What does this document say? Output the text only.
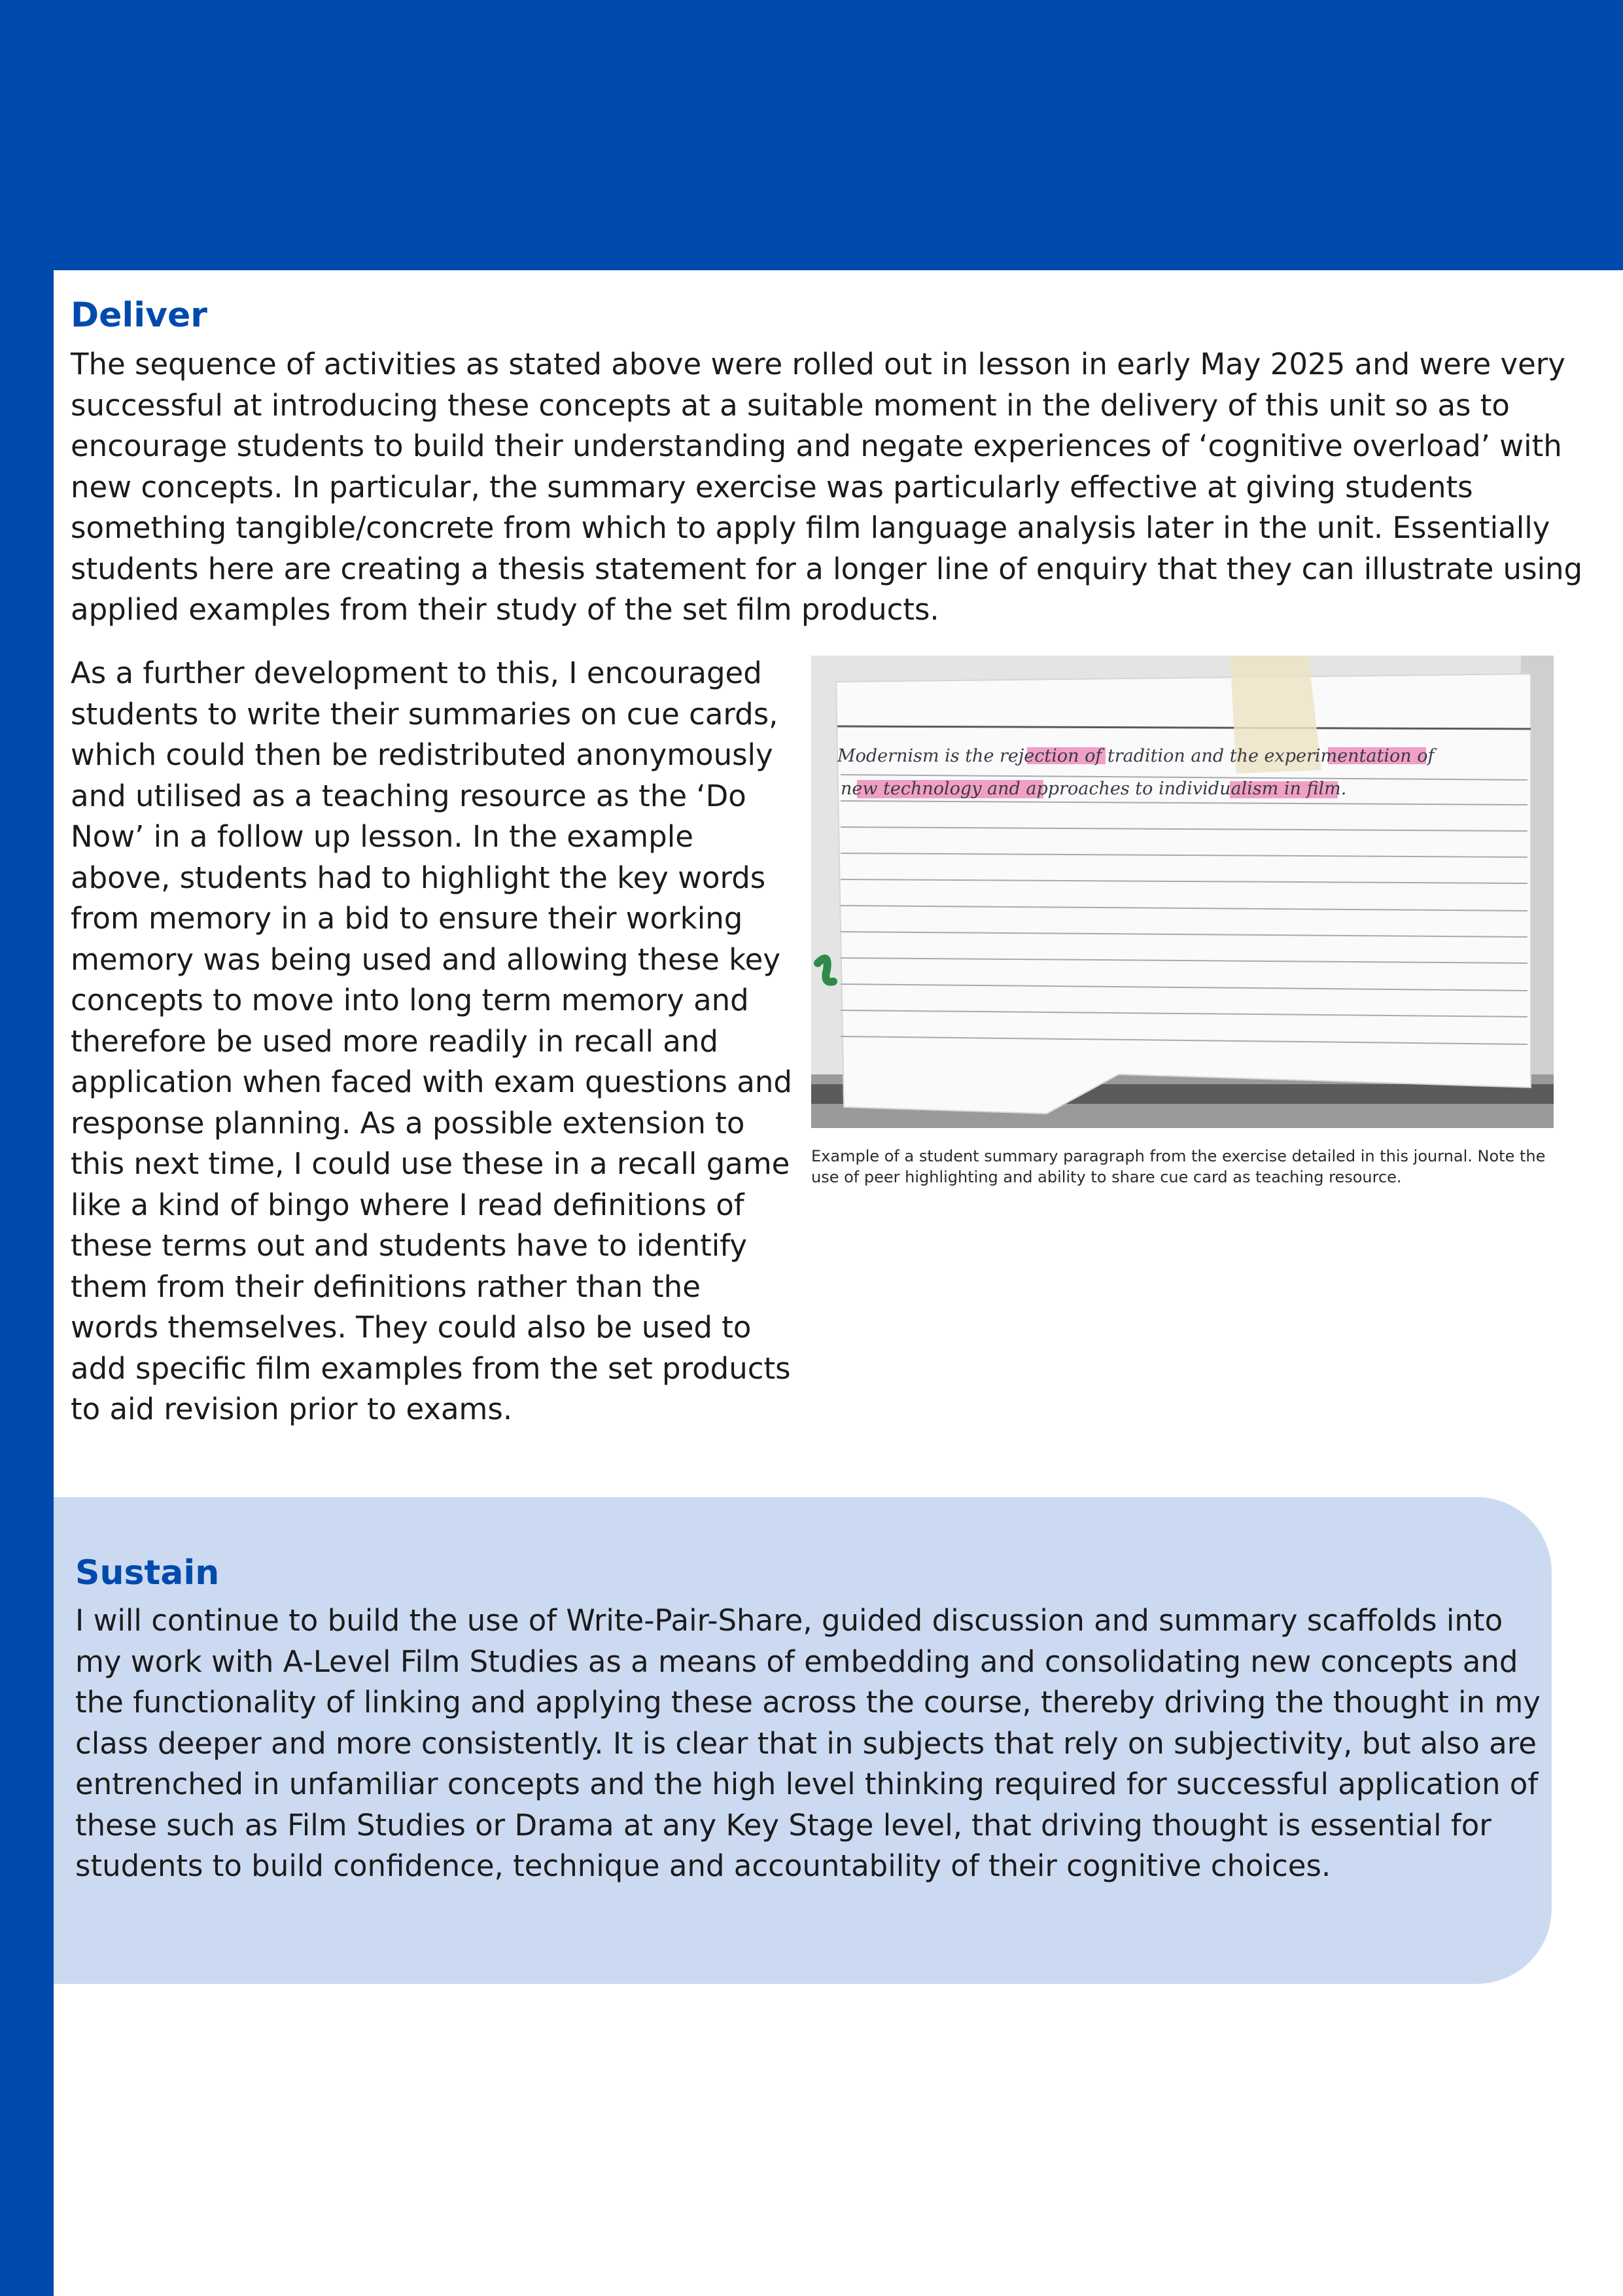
Deliver

The sequence of activities as stated above were rolled out in lesson in early May 2025 and were very successful at introducing these concepts at a suitable moment in the delivery of this unit so as to encourage students to build their understanding and negate experiences of ‘cognitive overload’ with new concepts. In particular, the summary exercise was particularly effective at giving students something tangible/concrete from which to apply film language analysis later in the unit. Essentially students here are creating a thesis statement for a longer line of enquiry that they can illustrate using applied examples from their study of the set film products.

As a further development to this, I encouraged students to write their summaries on cue cards, which could then be redistributed anonymously and utilised as a teaching resource as the ‘Do Now’ in a follow up lesson. In the example above, students had to highlight the key words from memory in a bid to ensure their working memory was being used and allowing these key concepts to move into long term memory and therefore be used more readily in recall and application when faced with exam questions and response planning. As a possible extension to this next time, I could use these in a recall game like a kind of bingo where I read definitions of these terms out and students have to identify them from their definitions rather than the words themselves. They could also be used to add specific film examples from the set products to aid revision prior to exams.

Modernism is the rejection of tradition and the experimentation of
new technology and approaches to individualism in film.

Example of a student summary paragraph from the exercise detailed in this journal. Note the use of peer highlighting and ability to share cue card as teaching resource.

Sustain

I will continue to build the use of Write-Pair-Share, guided discussion and summary scaffolds into my work with A-Level Film Studies as a means of embedding and consolidating new concepts and the functionality of linking and applying these across the course, thereby driving the thought in my class deeper and more consistently. It is clear that in subjects that rely on subjectivity, but also are entrenched in unfamiliar concepts and the high level thinking required for successful application of these such as Film Studies or Drama at any Key Stage level, that driving thought is essential for students to build confidence, technique and accountability of their cognitive choices.
